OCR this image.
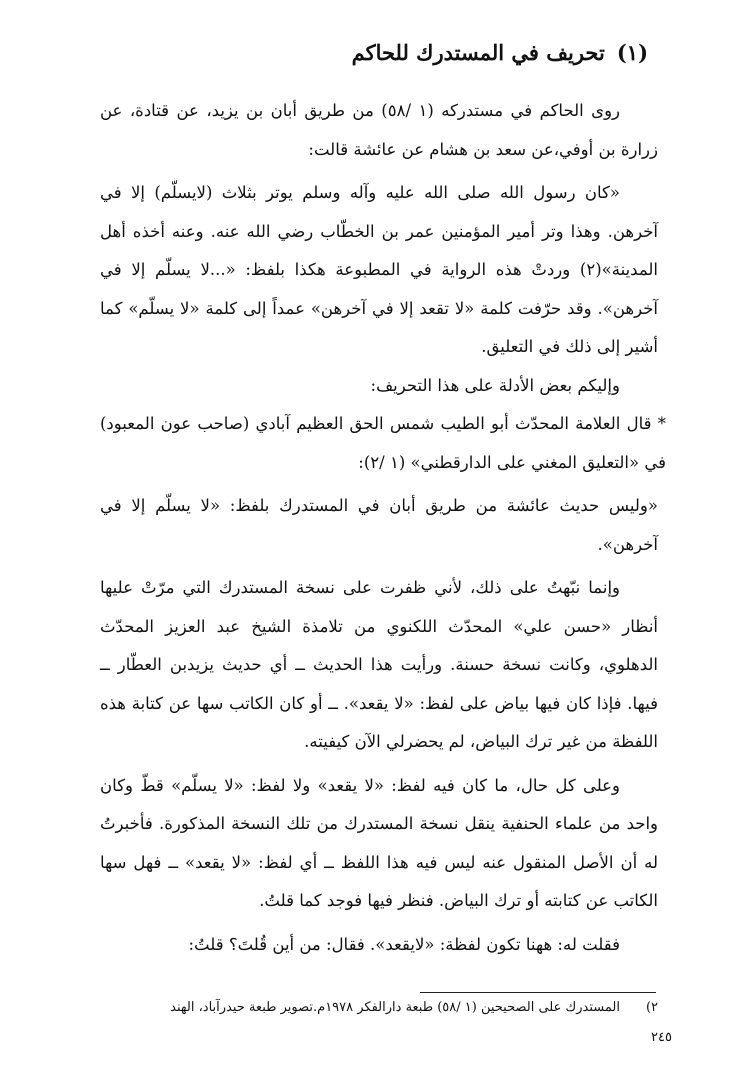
(١)تحريف في المستدرك للحاكم

روى الحاكم في مستدركه (١ /٥٨) من طريق أبان بن يزيد، عن قتادة، عن زرارة بن أوفي،عن سعد بن هشام عن عائشة قالت:

«كان رسول الله صلى الله عليه وآله وسلم يوتر بثلاث (لايسلّم) إلا في آخرهن. وهذا وتر أمير المؤمنين عمر بن الخطّاب رضي الله عنه. وعنه أخذه أهل المدينة»(٢) وردتْ هذه الرواية في المطبوعة هكذا بلفظ: «...لا يسلّم إلا في آخرهن». وقد حرّفت كلمة «لا تقعد إلا في آخرهن» عمداً إلى كلمة «لا يسلّم» كما أشير إلى ذلك في التعليق.

وإليكم بعض الأدلة على هذا التحريف:

* قال العلامة المحدّث أبو الطيب شمس الحق العظيم آبادي (صاحب عون المعبود) في «التعليق المغني على الدارقطني» (١ /٢):

«وليس حديث عائشة من طريق أبان في المستدرك بلفظ: «لا يسلّم إلا في آخرهن».

وإنما نبّهتُ على ذلك، لأني ظفرت على نسخة المستدرك التي مرّتْ عليها أنظار «حسن علي» المحدّث اللكنوي من تلامذة الشيخ عبد العزيز المحدّث الدهلوي، وكانت نسخة حسنة. ورأيت هذا الحديث ــ أي حديث يزيدبن العطّار ــ فيها. فإذا كان فيها بياض على لفظ: «لا يقعد». ــ أو كان الكاتب سها عن كتابة هذه اللفظة من غير ترك البياض، لم يحضرلي الآن كيفيته.

وعلى كل حال، ما كان فيه لفظ: «لا يقعد» ولا لفظ: «لا يسلّم» قطّ وكان واحد من علماء الحنفية ينقل نسخة المستدرك من تلك النسخة المذكورة. فأخبرتُ له أن الأصل المنقول عنه ليس فيه هذا اللفظ ــ أي لفظ: «لا يقعد» ــ فهل سها الكاتب عن كتابته أو ترك البياض. فنظر فيها فوجد كما قلتُ.

فقلت له: ههنا تكون لفظة: «لايقعد». فقال: من أين قُلتَ؟ قلتُ:

٢)المستدرك على الصحيحين (١ /٥٨) طبعة دارالفكر ١٩٧٨م.تصوير طبعة حيدرآباد، الهند
٢٤٥
